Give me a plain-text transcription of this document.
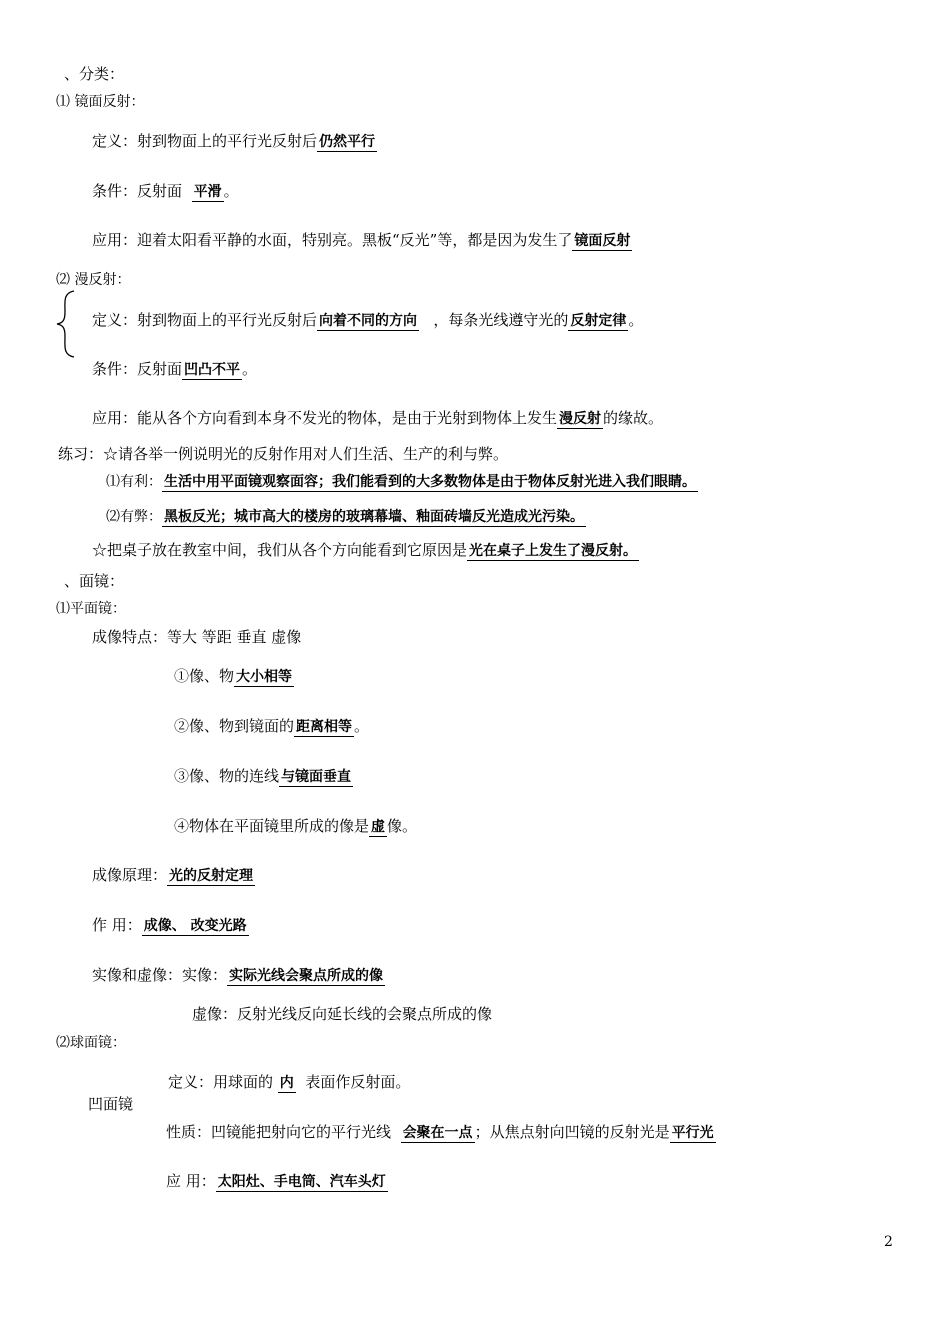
、分类：
⑴ 镜面反射：
定义：射到物面上的平行光反射后 仍然平行
条件：反射面 平滑 。
应用：迎着太阳看平静的水面，特别亮。黑板“反光”等，都是因为发生了 镜面反射
⑵ 漫反射：
定义：射到物面上的平行光反射后 向着不同的方向 ，每条光线遵守光的 反射定律 。
条件：反射面 凹凸不平 。
应用：能从各个方向看到本身不发光的物体，是由于光射到物体上发生 漫反射 的缘故。
练习：☆请各举一例说明光的反射作用对人们生活、生产的利与弊。
⑴有利： 生活中用平面镜观察面容；我们能看到的大多数物体是由于物体反射光进入我们眼睛。
⑵有弊： 黑板反光；城市高大的楼房的玻璃幕墙、釉面砖墙反光造成光污染。
☆把桌子放在教室中间，我们从各个方向能看到它原因是 光在桌子上发生了漫反射。
、面镜：
⑴平面镜：
成像特点：等大 等距 垂直 虚像
①像、物 大小相等
②像、物到镜面的 距离相等 。
③像、物的连线 与镜面垂直
④物体在平面镜里所成的像是 虚 像。
成像原理： 光的反射定理
作 用： 成像、 改变光路
实像和虚像：实像： 实际光线会聚点所成的像
虚像：反射光线反向延长线的会聚点所成的像
⑵球面镜：
定义：用球面的 内 表面作反射面。
凹面镜
性质：凹镜能把射向它的平行光线 会聚在一点 ；从焦点射向凹镜的反射光是 平行光
应 用： 太阳灶、手电筒、汽车头灯
2
